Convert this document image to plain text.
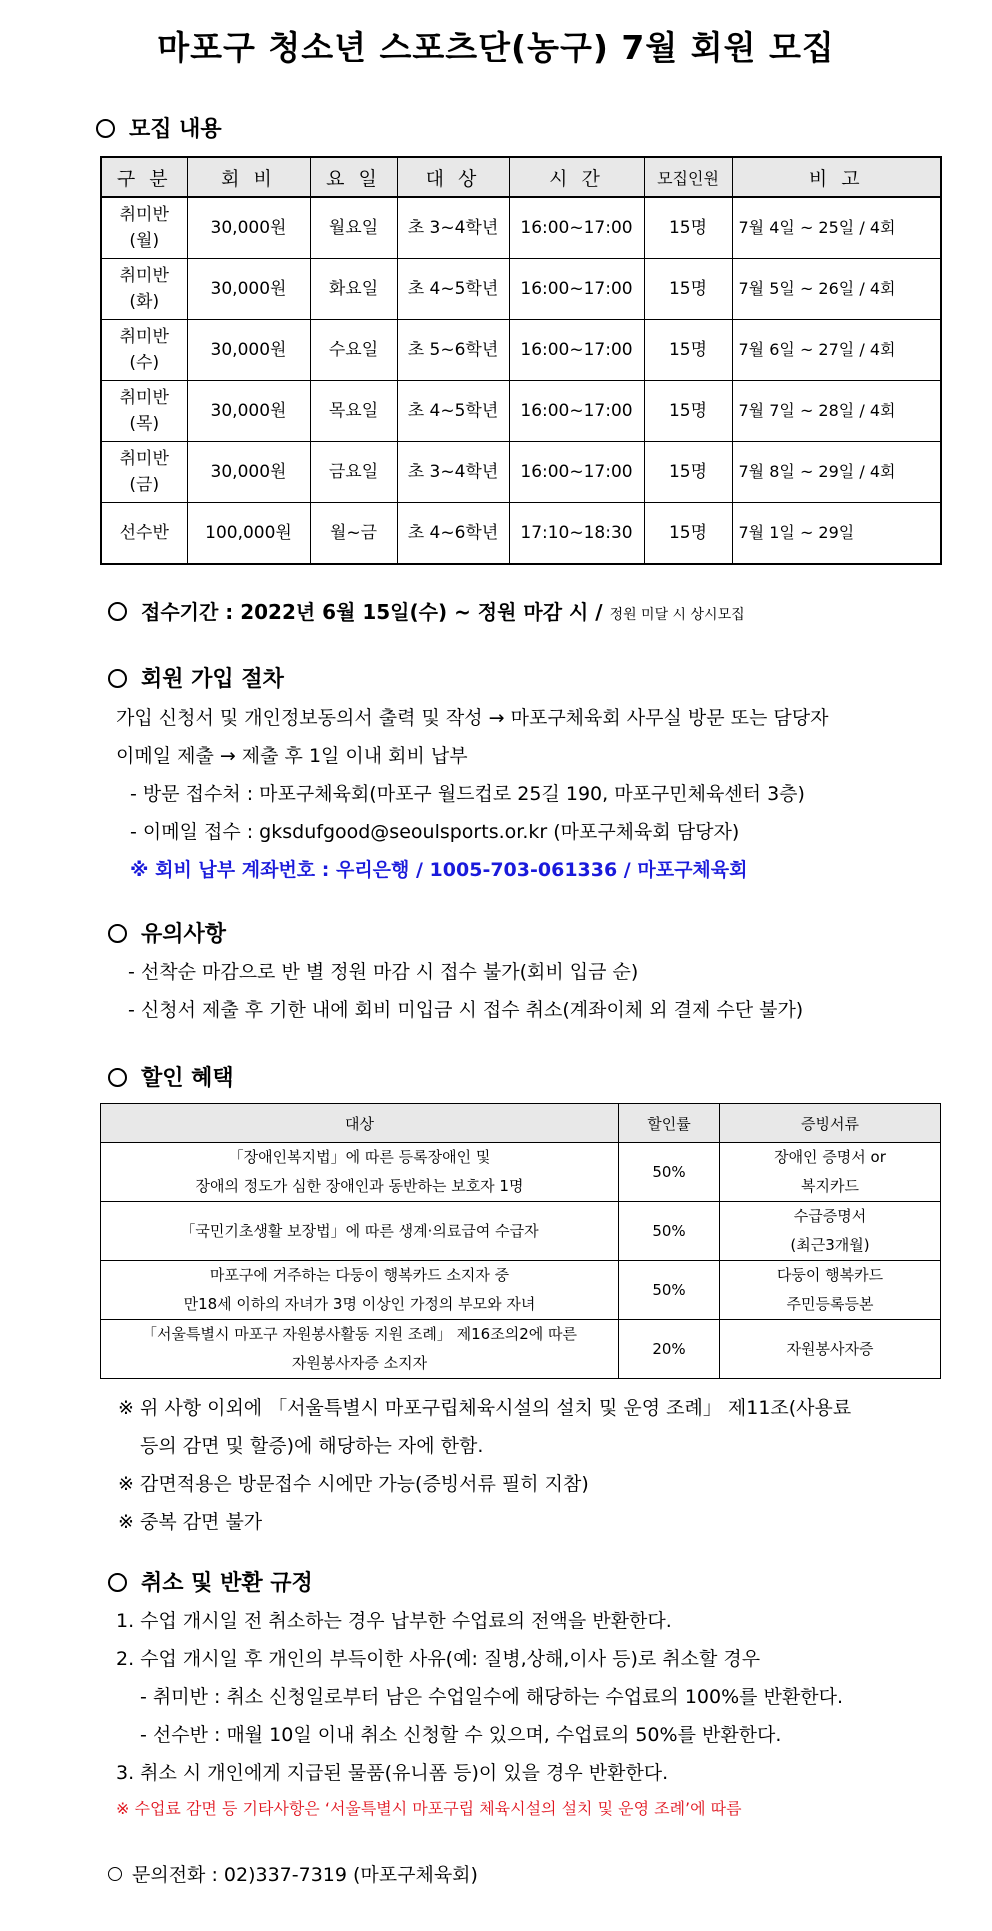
마포구 청소년 스포츠단(농구) 7월 회원 모집
모집 내용
구 분	회 비	요 일	대 상	시 간	모집인원	비 고
취미반
(월)	30,000원	월요일	초 3~4학년	16:00~17:00	15명	7월 4일 ~ 25일 / 4회
취미반
(화)	30,000원	화요일	초 4~5학년	16:00~17:00	15명	7월 5일 ~ 26일 / 4회
취미반
(수)	30,000원	수요일	초 5~6학년	16:00~17:00	15명	7월 6일 ~ 27일 / 4회
취미반
(목)	30,000원	목요일	초 4~5학년	16:00~17:00	15명	7월 7일 ~ 28일 / 4회
취미반
(금)	30,000원	금요일	초 3~4학년	16:00~17:00	15명	7월 8일 ~ 29일 / 4회
선수반	100,000원	월~금	초 4~6학년	17:10~18:30	15명	7월 1일 ~ 29일
접수기간 : 2022년 6월 15일(수) ~ 정원 마감 시 / 정원 미달 시 상시모집
회원 가입 절차
가입 신청서 및 개인정보동의서 출력 및 작성 → 마포구체육회 사무실 방문 또는 담당자
이메일 제출 → 제출 후 1일 이내 회비 납부
- 방문 접수처 : 마포구체육회(마포구 월드컵로 25길 190, 마포구민체육센터 3층)
- 이메일 접수 : gksdufgood@seoulsports.or.kr (마포구체육회 담당자)
※ 회비 납부 계좌번호 : 우리은행 / 1005-703-061336 / 마포구체육회
유의사항
- 선착순 마감으로 반 별 정원 마감 시 접수 불가(회비 입금 순)
- 신청서 제출 후 기한 내에 회비 미입금 시 접수 취소(계좌이체 외 결제 수단 불가)
할인 혜택
대상	할인률	증빙서류
「장애인복지법」에 따른 등록장애인 및
장애의 정도가 심한 장애인과 동반하는 보호자 1명	50%	장애인 증명서 or
복지카드
「국민기초생활 보장법」에 따른 생계·의료급여 수급자	50%	수급증명서
(최근3개월)
마포구에 거주하는 다둥이 행복카드 소지자 중
만18세 이하의 자녀가 3명 이상인 가정의 부모와 자녀	50%	다둥이 행복카드
주민등록등본
「서울특별시 마포구 자원봉사활동 지원 조례」 제16조의2에 따른
자원봉사자증 소지자	20%	자원봉사자증
※ 위 사항 이외에 「서울특별시 마포구립체육시설의 설치 및 운영 조례」 제11조(사용료
등의 감면 및 할증)에 해당하는 자에 한함.
※ 감면적용은 방문접수 시에만 가능(증빙서류 필히 지참)
※ 중복 감면 불가
취소 및 반환 규정
1. 수업 개시일 전 취소하는 경우 납부한 수업료의 전액을 반환한다.
2. 수업 개시일 후 개인의 부득이한 사유(예: 질병,상해,이사 등)로 취소할 경우
- 취미반 : 취소 신청일로부터 남은 수업일수에 해당하는 수업료의 100%를 반환한다.
- 선수반 : 매월 10일 이내 취소 신청할 수 있으며, 수업료의 50%를 반환한다.
3. 취소 시 개인에게 지급된 물품(유니폼 등)이 있을 경우 반환한다.
※ 수업료 감면 등 기타사항은 ‘서울특별시 마포구립 체육시설의 설치 및 운영 조례’에 따름
문의전화 : 02)337-7319 (마포구체육회)
